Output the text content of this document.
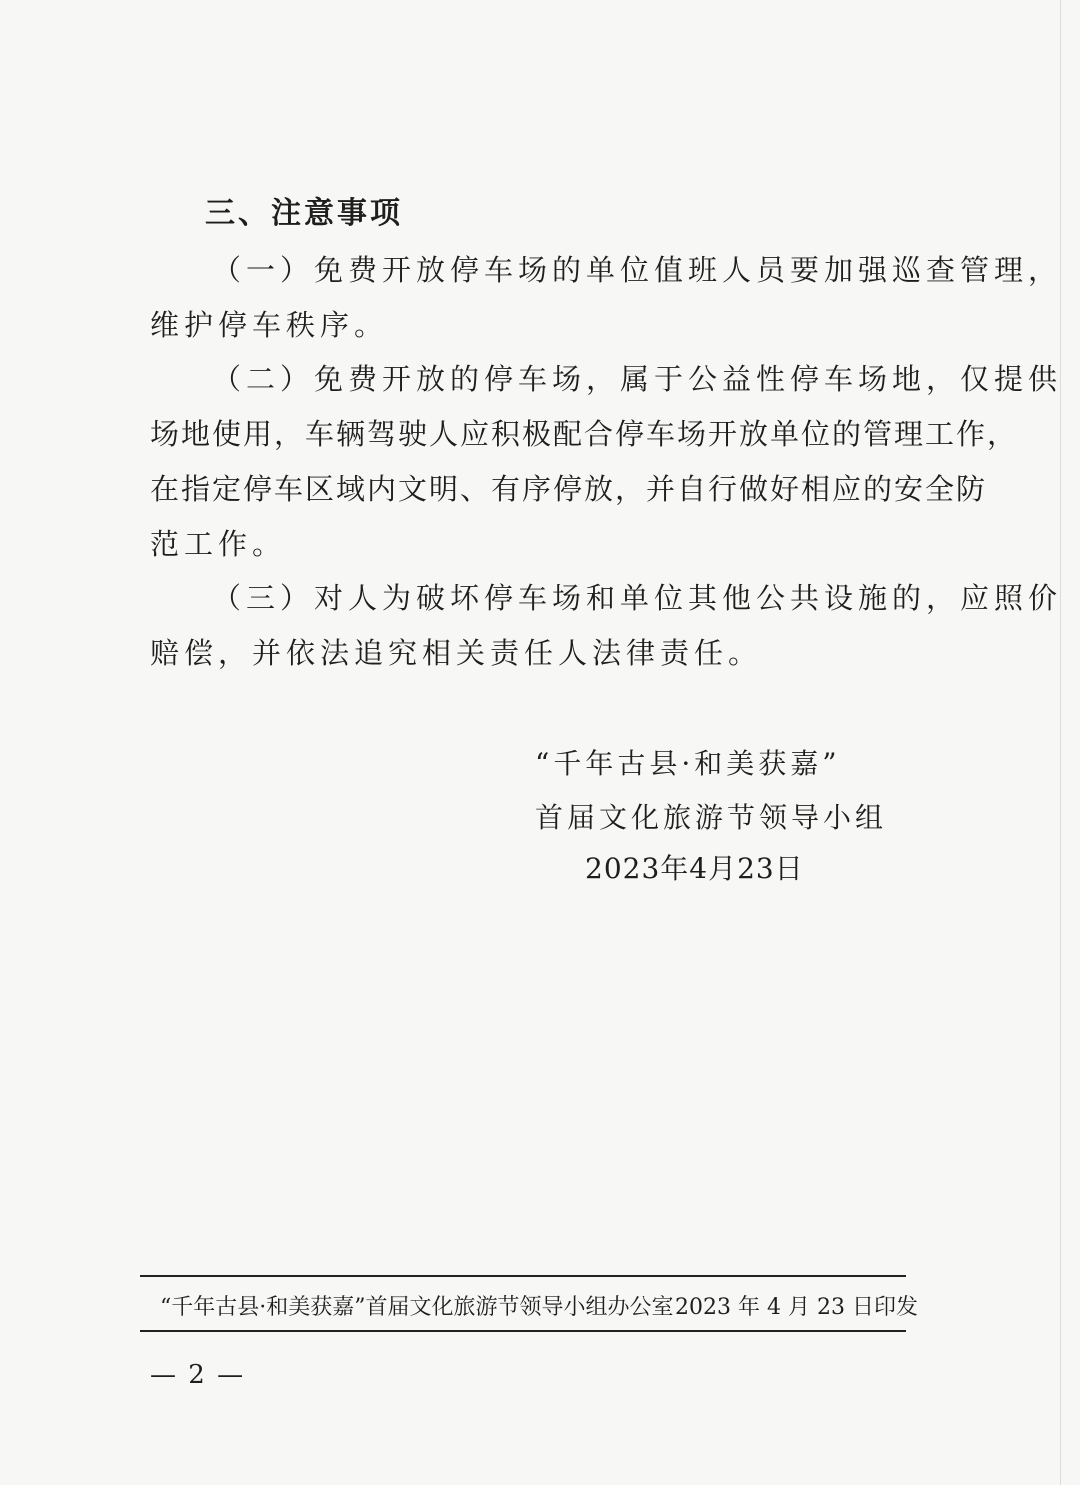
三、注意事项
（一）免费开放停车场的单位值班人员要加强巡查管理，
维护停车秩序。
（二）免费开放的停车场，属于公益性停车场地，仅提供
场地使用，车辆驾驶人应积极配合停车场开放单位的管理工作，
在指定停车区域内文明、有序停放，并自行做好相应的安全防
范工作。
（三）对人为破坏停车场和单位其他公共设施的，应照价
赔偿，并依法追究相关责任人法律责任。
“千年古县·和美获嘉”
首届文化旅游节领导小组
2023年4月23日
“千年古县·和美获嘉”首届文化旅游节领导小组办公室 2023 年 4 月 23 日印发
— 2 —
